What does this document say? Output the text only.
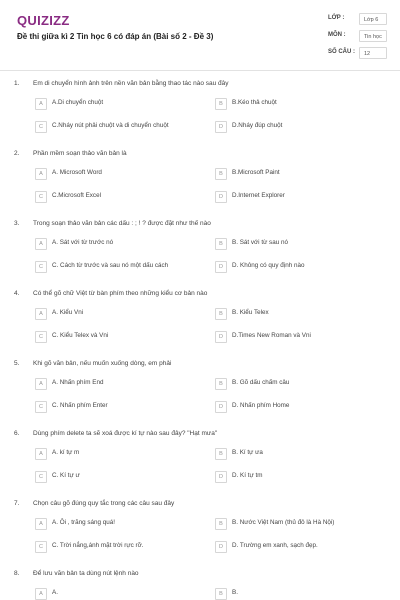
QUIZIZZ
Đề thi giữa kì 2 Tin học 6 có đáp án (Bài số 2 - Đề 3)
LỚP :	Lớp 6
MÔN :	Tin học
SỐ CÂU :	12
1. Em di chuyển hình ảnh trên nền văn bản bằng thao tác nào sau đây
A	A.Di chuyển chuột	B	B.Kéo thả chuột
C	C.Nháy nút phải chuột và di chuyển chuột	D	D.Nháy đúp chuột
2. Phần mềm soạn thảo văn bản là
A	A. Microsoft Word	B	B.Microsoft Paint
C	C.Microsoft Excel	D	D.Internet Explorer
3. Trong soạn thảo văn bản các dấu : ; ! ? được đặt như thế nào
A	A. Sát với từ trước nó	B	B. Sát với từ sau nó
C	C. Cách từ trước và sau nó một dấu cách	D	D. Không có quy định nào
4. Có thể gõ chữ Việt từ bàn phím theo những kiểu cơ bản nào
A	A. Kiểu Vni	B	B. Kiểu Telex
C	C. Kiểu Telex và Vni	D	D.Times New Roman và Vni
5. Khi gõ văn bản, nếu muốn xuống dòng, em phải
A	A. Nhấn phím End	B	B. Gõ dấu chấm câu
C	C. Nhấn phím Enter	D	D. Nhấn phím Home
6. Dùng phím delete ta sẽ xoá được kí tự nào sau đây? "Hạt mưa"
A	A. kí tự m	B	B. Kí tự ưa
C	C. Kí tự ư	D	D. Kí tự tm
7. Chọn câu gõ đúng quy tắc trong các câu sau đây
A	A. Ôi , trăng sáng quá!	B	B. Nước Việt Nam (thủ đô là Hà Nội)
C	C. Trời nắng,ánh mặt trời rực rỡ.	D	D. Trường em xanh, sạch đẹp.
8. Để lưu văn bản ta dùng nút lệnh nào
A	A.	B	B.
